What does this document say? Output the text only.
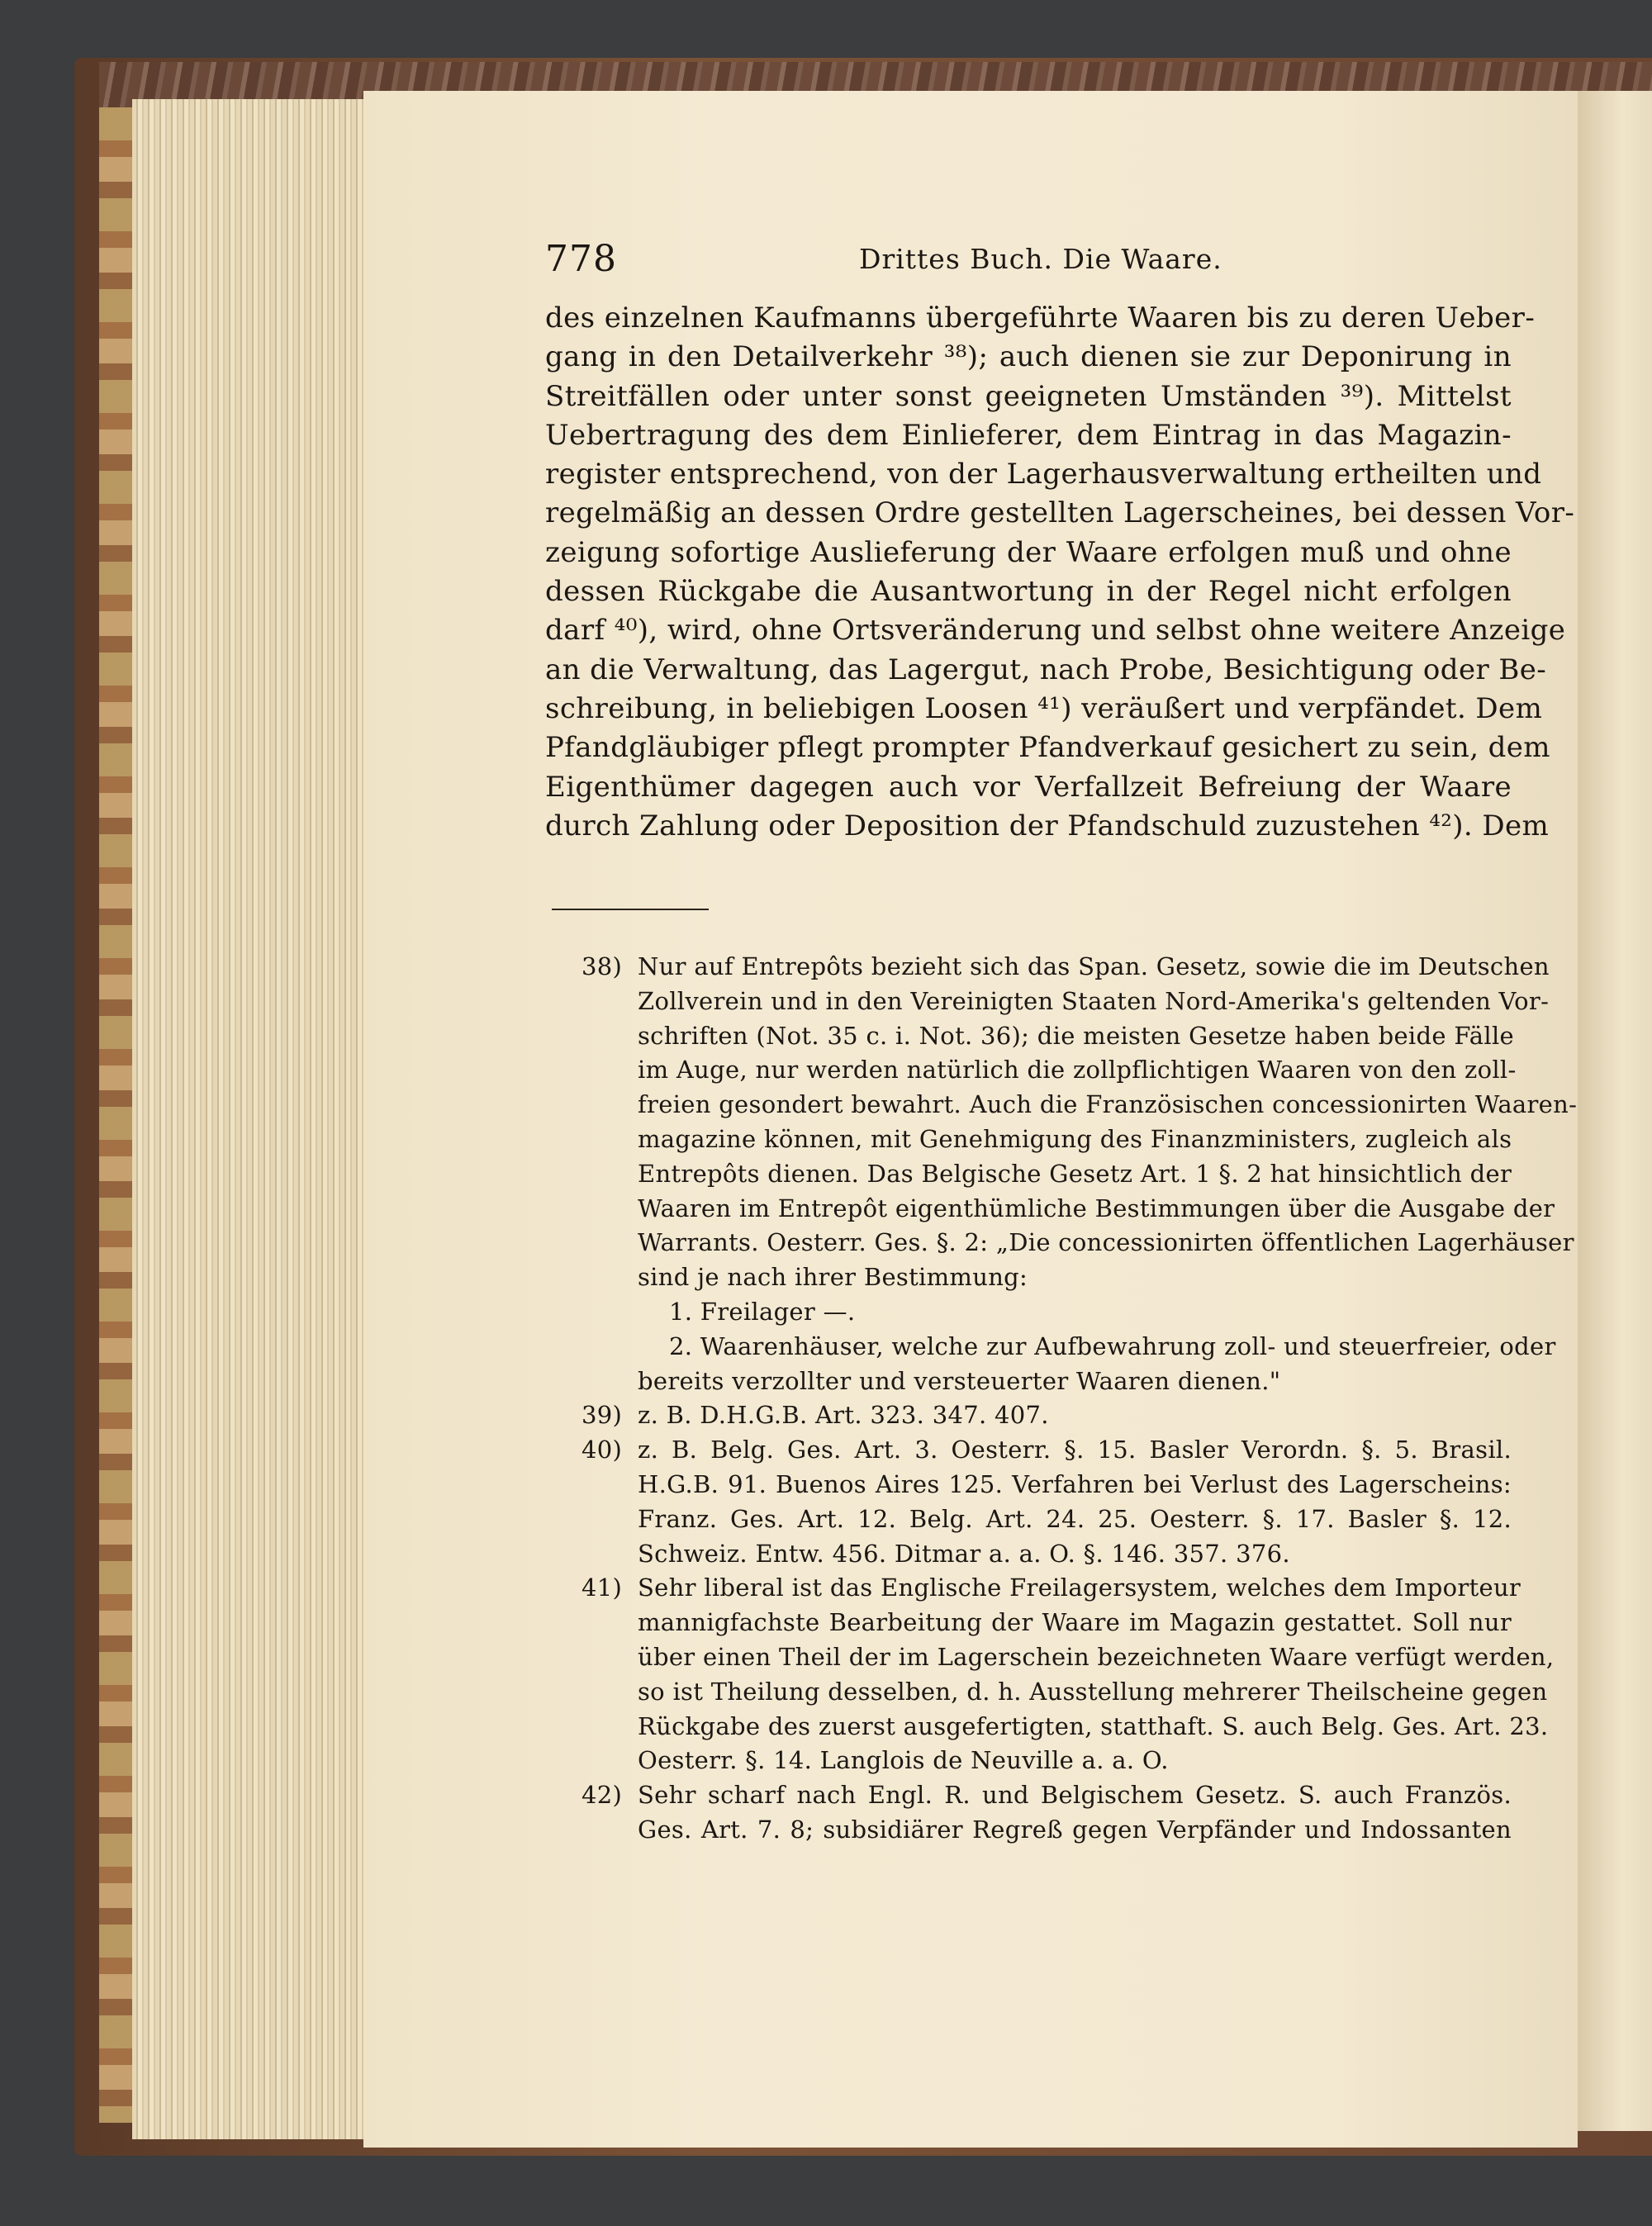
778	Drittes Buch. Die Waare.
des einzelnen Kaufmanns übergeführte Waaren bis zu deren Ueber-
gang in den Detailverkehr ³⁸); auch dienen sie zur Deponirung in
Streitfällen oder unter sonst geeigneten Umständen ³⁹). Mittelst
Uebertragung des dem Einlieferer, dem Eintrag in das Magazin-
register entsprechend, von der Lagerhausverwaltung ertheilten und
regelmäßig an dessen Ordre gestellten Lagerscheines, bei dessen Vor-
zeigung sofortige Auslieferung der Waare erfolgen muß und ohne
dessen Rückgabe die Ausantwortung in der Regel nicht erfolgen
darf ⁴⁰), wird, ohne Ortsveränderung und selbst ohne weitere Anzeige
an die Verwaltung, das Lagergut, nach Probe, Besichtigung oder Be-
schreibung, in beliebigen Loosen ⁴¹) veräußert und verpfändet. Dem
Pfandgläubiger pflegt prompter Pfandverkauf gesichert zu sein, dem
Eigenthümer dagegen auch vor Verfallzeit Befreiung der Waare
durch Zahlung oder Deposition der Pfandschuld zuzustehen ⁴²). Dem
38) Nur auf Entrepôts bezieht sich das Span. Gesetz, sowie die im Deutschen
Zollverein und in den Vereinigten Staaten Nord-Amerika's geltenden Vor-
schriften (Not. 35 c. i. Not. 36); die meisten Gesetze haben beide Fälle
im Auge, nur werden natürlich die zollpflichtigen Waaren von den zoll-
freien gesondert bewahrt. Auch die Französischen concessionirten Waaren-
magazine können, mit Genehmigung des Finanzministers, zugleich als
Entrepôts dienen. Das Belgische Gesetz Art. 1 §. 2 hat hinsichtlich der
Waaren im Entrepôt eigenthümliche Bestimmungen über die Ausgabe der
Warrants. Oesterr. Ges. §. 2: „Die concessionirten öffentlichen Lagerhäuser
sind je nach ihrer Bestimmung:
1. Freilager —.
2. Waarenhäuser, welche zur Aufbewahrung zoll- und steuerfreier, oder
bereits verzollter und versteuerter Waaren dienen."
39) z. B. D.H.G.B. Art. 323. 347. 407.
40) z. B. Belg. Ges. Art. 3. Oesterr. §. 15. Basler Verordn. §. 5. Brasil.
H.G.B. 91. Buenos Aires 125. Verfahren bei Verlust des Lagerscheins:
Franz. Ges. Art. 12. Belg. Art. 24. 25. Oesterr. §. 17. Basler §. 12.
Schweiz. Entw. 456. Ditmar a. a. O. §. 146. 357. 376.
41) Sehr liberal ist das Englische Freilagersystem, welches dem Importeur
mannigfachste Bearbeitung der Waare im Magazin gestattet. Soll nur
über einen Theil der im Lagerschein bezeichneten Waare verfügt werden,
so ist Theilung desselben, d. h. Ausstellung mehrerer Theilscheine gegen
Rückgabe des zuerst ausgefertigten, statthaft. S. auch Belg. Ges. Art. 23.
Oesterr. §. 14. Langlois de Neuville a. a. O.
42) Sehr scharf nach Engl. R. und Belgischem Gesetz. S. auch Französ.
Ges. Art. 7. 8; subsidiärer Regreß gegen Verpfänder und Indossanten
